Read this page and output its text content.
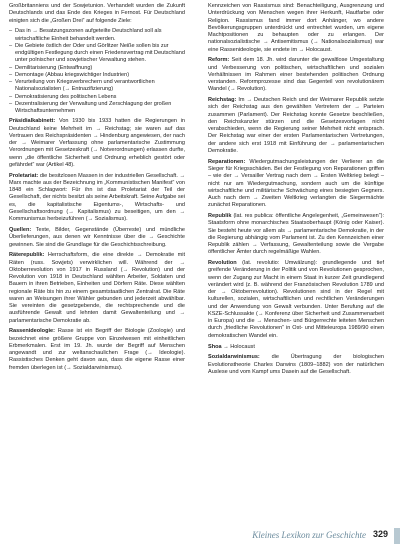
Großbritanniens und der Sowjetunion. Verhandelt wurden die Zukunft Deutschlands und das Ende des Krieges in Fernost. Für Deutschland einigten sich die „Großen Drei“ auf folgende Ziele:

– Das in → Besatzungszonen aufgeteilte Deutschland soll als wirtschaftliche Einheit behandelt werden.
– Die Gebiete östlich der Oder und Görlitzer Neiße sollen bis zur endgültigen Festlegung durch einen Friedensvertrag mit Deutschland unter polnischer und sowjetischer Verwaltung stehen.
– Demilitarisierung (Entwaffnung)
– Demontage (Abbau kriegswichtiger Industrien)
– Verurteilung von Kriegsverbrechern und verantwortlichen Nationalsozialisten (→ Entnazifizierung)
– Demokratisierung des politischen Lebens
– Dezentralisierung der Verwaltung und Zerschlagung der großen Wirtschaftsunternehmen

Präsidialkabinett: Von 1930 bis 1933 hatten die Regierungen in Deutschland keine Mehrheit im → Reichstag; sie waren auf das Vertrauen des Reichspräsidenten → Hindenburg angewiesen, der nach der → Weimarer Verfassung ohne parlamentarische Zustimmung Verordnungen mit Gesetzeskraft (→ Notverordnungen) erlassen durfte, wenn „die öffentliche Sicherheit und Ordnung erheblich gestört oder gefährdet“ war (Artikel 48).

Proletariat: die besitzlosen Massen in der industriellen Gesellschaft. → Marx machte aus der Bezeichnung im „Kommunistischen Manifest“ von 1848 ein Schlagwort: Für ihn ist das Proletariat der Teil der Gesellschaft, der nichts besitzt als seine Arbeitskraft. Seine Aufgabe sei es, die kapitalistische Eigentums-, Wirtschafts- und Gesellschaftsordnung (→ Kapitalismus) zu beseitigen, um den → Kommunismus herbeizuführen (→ Sozialismus).

Quellen: Texte, Bilder, Gegenstände (Überreste) und mündliche Überlieferungen, aus denen wir Kenntnisse über die → Geschichte gewinnen. Sie sind die Grundlage für die Geschichtsschreibung.

Räterepublik: Herrschaftsform, die eine direkte → Demokratie mit Räten (russ. Sowjets) verwirklichen will. Während der → Oktoberrevolution von 1917 in Russland (→ Revolution) und der Revolution von 1918 in Deutschland wählten Arbeiter, Soldaten und Bauern in ihren Betrieben, Einheiten und Dörfern Räte. Diese wählten regionale Räte bis hin zu einem gesamtstaatlichen Zentralrat. Die Räte waren an Weisungen ihrer Wähler gebunden und jederzeit abwählbar. Sie vereinten die gesetzgebende, die rechtsprechende und die ausführende Gewalt und lehnten damit Gewaltenteilung und → parlamentarische Demokratie ab.

Rassenideologie: Rasse ist ein Begriff der Biologie (Zoologie) und bezeichnet eine größere Gruppe von Einzelwesen mit einheitlichen Erbmerkmalen. Erst im 19. Jh. wurde der Begriff auf Menschen angewandt und zur weltanschaulichen Frage (→ Ideologie). Rassistisches Denken geht davon aus, dass die eigene Rasse einer fremden überlegen ist (→ Sozialdarwinismus).

Kennzeichen von Rassismus sind: Benachteiligung, Ausgrenzung und Unterdrückung von Menschen wegen ihrer Herkunft, Hautfarbe oder Religion. Rassismus fand immer dort Anhänger, wo andere Bevölkerungsgruppen unterdrückt und entrechtet wurden, um eigene Machtpositionen zu behaupten oder zu erlangen. Der nationalsozialistische → Antisemitismus (→ Nationalsozialismus) war eine Rassenideologie, sie endete im → Holocaust.

Reform: Seit dem 18. Jh. wird darunter die gewaltlose Umgestaltung und Verbesserung von politischen, wirtschaftlichen und sozialen Verhältnissen im Rahmen einer bestehenden politischen Ordnung verstanden. Reformprozesse sind das Gegenteil von revolutionärem Wandel (→ Revolution).

Reichstag: Im → Deutschen Reich und der Weimarer Republik setzte sich der Reichstag aus den gewählten Vertretern der → Parteien zusammen (Parlament). Der Reichstag konnte Gesetze beschließen, den Reichskanzler stürzen und die Gesetzesvorlagen nicht verabschieden, wenn die Regierung seiner Mehrheit nicht entsprach. Der Reichstag war einer der ersten Parlamentarischen Vertretungen, der andere sich erst 1918 mit Einführung der → parlamentarischen Demokratie.

Reparationen: Wiedergutmachungsleistungen der Verlierer an die Sieger für Kriegsschäden. Bei der Festlegung von Reparationen griffen – wie der → Versailler Vertrag nach dem → Ersten Weltkrieg belegt – nicht nur am Wiedergutmachung, sondern auch um die künftige wirtschaftliche und militärische Schwächung eines besiegten Gegners. Auch nach dem → Zweiten Weltkrieg verlangten die Siegermächte zunächst Reparationen.

Republik (lat. res publica: öffentliche Angelegenheit, „Gemeinwesen“): Staatsform ohne monarchisches Staatsoberhaupt (König oder Kaiser). Sie besteht heute vor allem als → parlamentarische Demokratie, in der die Regierung abhängig vom Parlament ist. Zu den Kennzeichen einer Republik zählen → Verfassung, Gewaltenteilung sowie die Vergabe öffentlicher Ämter durch regelmäßige Wahlen.

Revolution (lat. revolutio: Umwälzung): grundlegende und tief greifende Veränderung in der Politik und von Revolutionen gesprochen, wenn der Zugang zur Macht in einem Staat in kurzer Zeit grundlegend verändert wird (z. B. während der Französischen Revolution 1789 und der → Oktoberrevolution). Revolutionen sind in der Regel mit kulturellen, sozialen, wirtschaftlichen und rechtlichen Veränderungen und der Anwendung von Gewalt verbunden. Unter Berufung auf die KSZE-Schlussakte (→ Konferenz über Sicherheit und Zusammenarbeit in Europa) und die → Menschen- und Bürgerrechte leiteten Menschen durch „friedliche Revolutionen“ in Ost- und Mitteleuropa 1989/90 einen demokratischen Wandel ein.

Shoa → Holocaust

Sozialdarwinismus: die Übertragung der biologischen Evolutionstheorie Charles Darwins (1809–1882) von der natürlichen Auslese und vom Kampf ums Dasein auf die Gesellschaft.

Kleines Lexikon zur Geschichte 329
